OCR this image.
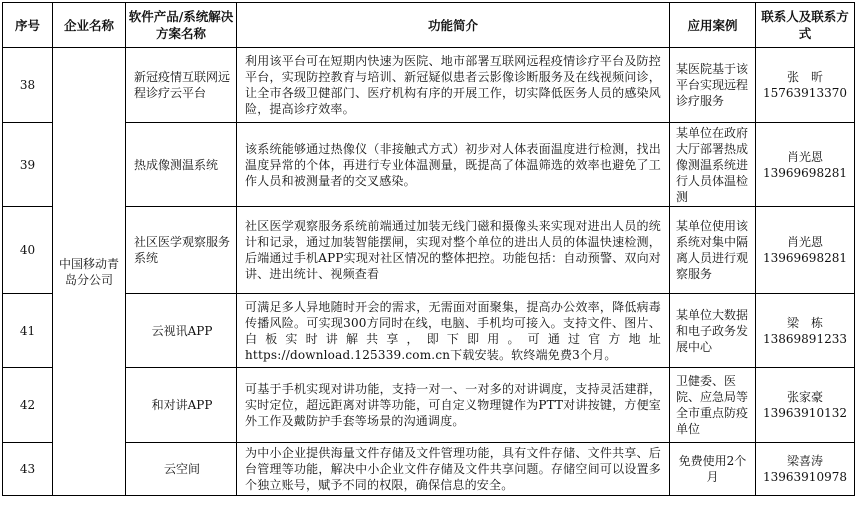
序号	企业名称	软件产品/系统解决方案名称	功能简介	应用案例	联系人及联系方式
38	中国移动青岛分公司	新冠疫情互联网远程诊疗云平台	利用该平台可在短期内快速为医院、地市部署互联网远程疫情诊疗平台及防控平台，实现防控教育与培训、新冠疑似患者云影像诊断服务及在线视频问诊，让全市各级卫健部门、医疗机构有序的开展工作，切实降低医务人员的感染风险，提高诊疗效率。	某医院基于该平台实现远程诊疗服务	张　昕
15763913370

39		热成像测温系统	该系统能够通过热像仪（非接触式方式）初步对人体表面温度进行检测，找出温度异常的个体，再进行专业体温测量，既提高了体温筛选的效率也避免了工作人员和被测量者的交叉感染。	某单位在政府大厅部署热成像测温系统进行人员体温检测	肖光恩
13969698281

40		社区医学观察服务系统	社区医学观察服务系统前端通过加装无线门磁和摄像头来实现对进出人员的统计和记录，通过加装智能摆闸，实现对整个单位的进出人员的体温快速检测，后端通过手机APP实现对社区情况的整体把控。功能包括：自动预警、双向对讲、进出统计、视频查看	某单位使用该系统对集中隔离人员进行观察服务	肖光恩
13969698281

41		云视讯APP	可满足多人异地随时开会的需求，无需面对面聚集，提高办公效率，降低病毒传播风险。可实现300方同时在线，电脑、手机均可接入。支持文件、图片、白板实时讲解共享，即下即用。可通过官方地址https://download.125339.com.cn下载安装。软终端免费3个月。	某单位大数据和电子政务发展中心	梁　栋
13869891233

42		和对讲APP	可基于手机实现对讲功能，支持一对一、一对多的对讲调度，支持灵活建群，实时定位，超远距离对讲等功能，可自定义物理键作为PTT对讲按键，方便室外工作及戴防护手套等场景的沟通调度。	卫健委、医院、应急局等全市重点防疫单位	张家豪
13963910132

43		云空间	为中小企业提供海量文件存储及文件管理功能，具有文件存储、文件共享、后台管理等功能，解决中小企业文件存储及文件共享问题。存储空间可以设置多个独立账号，赋予不同的权限，确保信息的安全。	免费使用2个月	梁喜涛
13963910978
